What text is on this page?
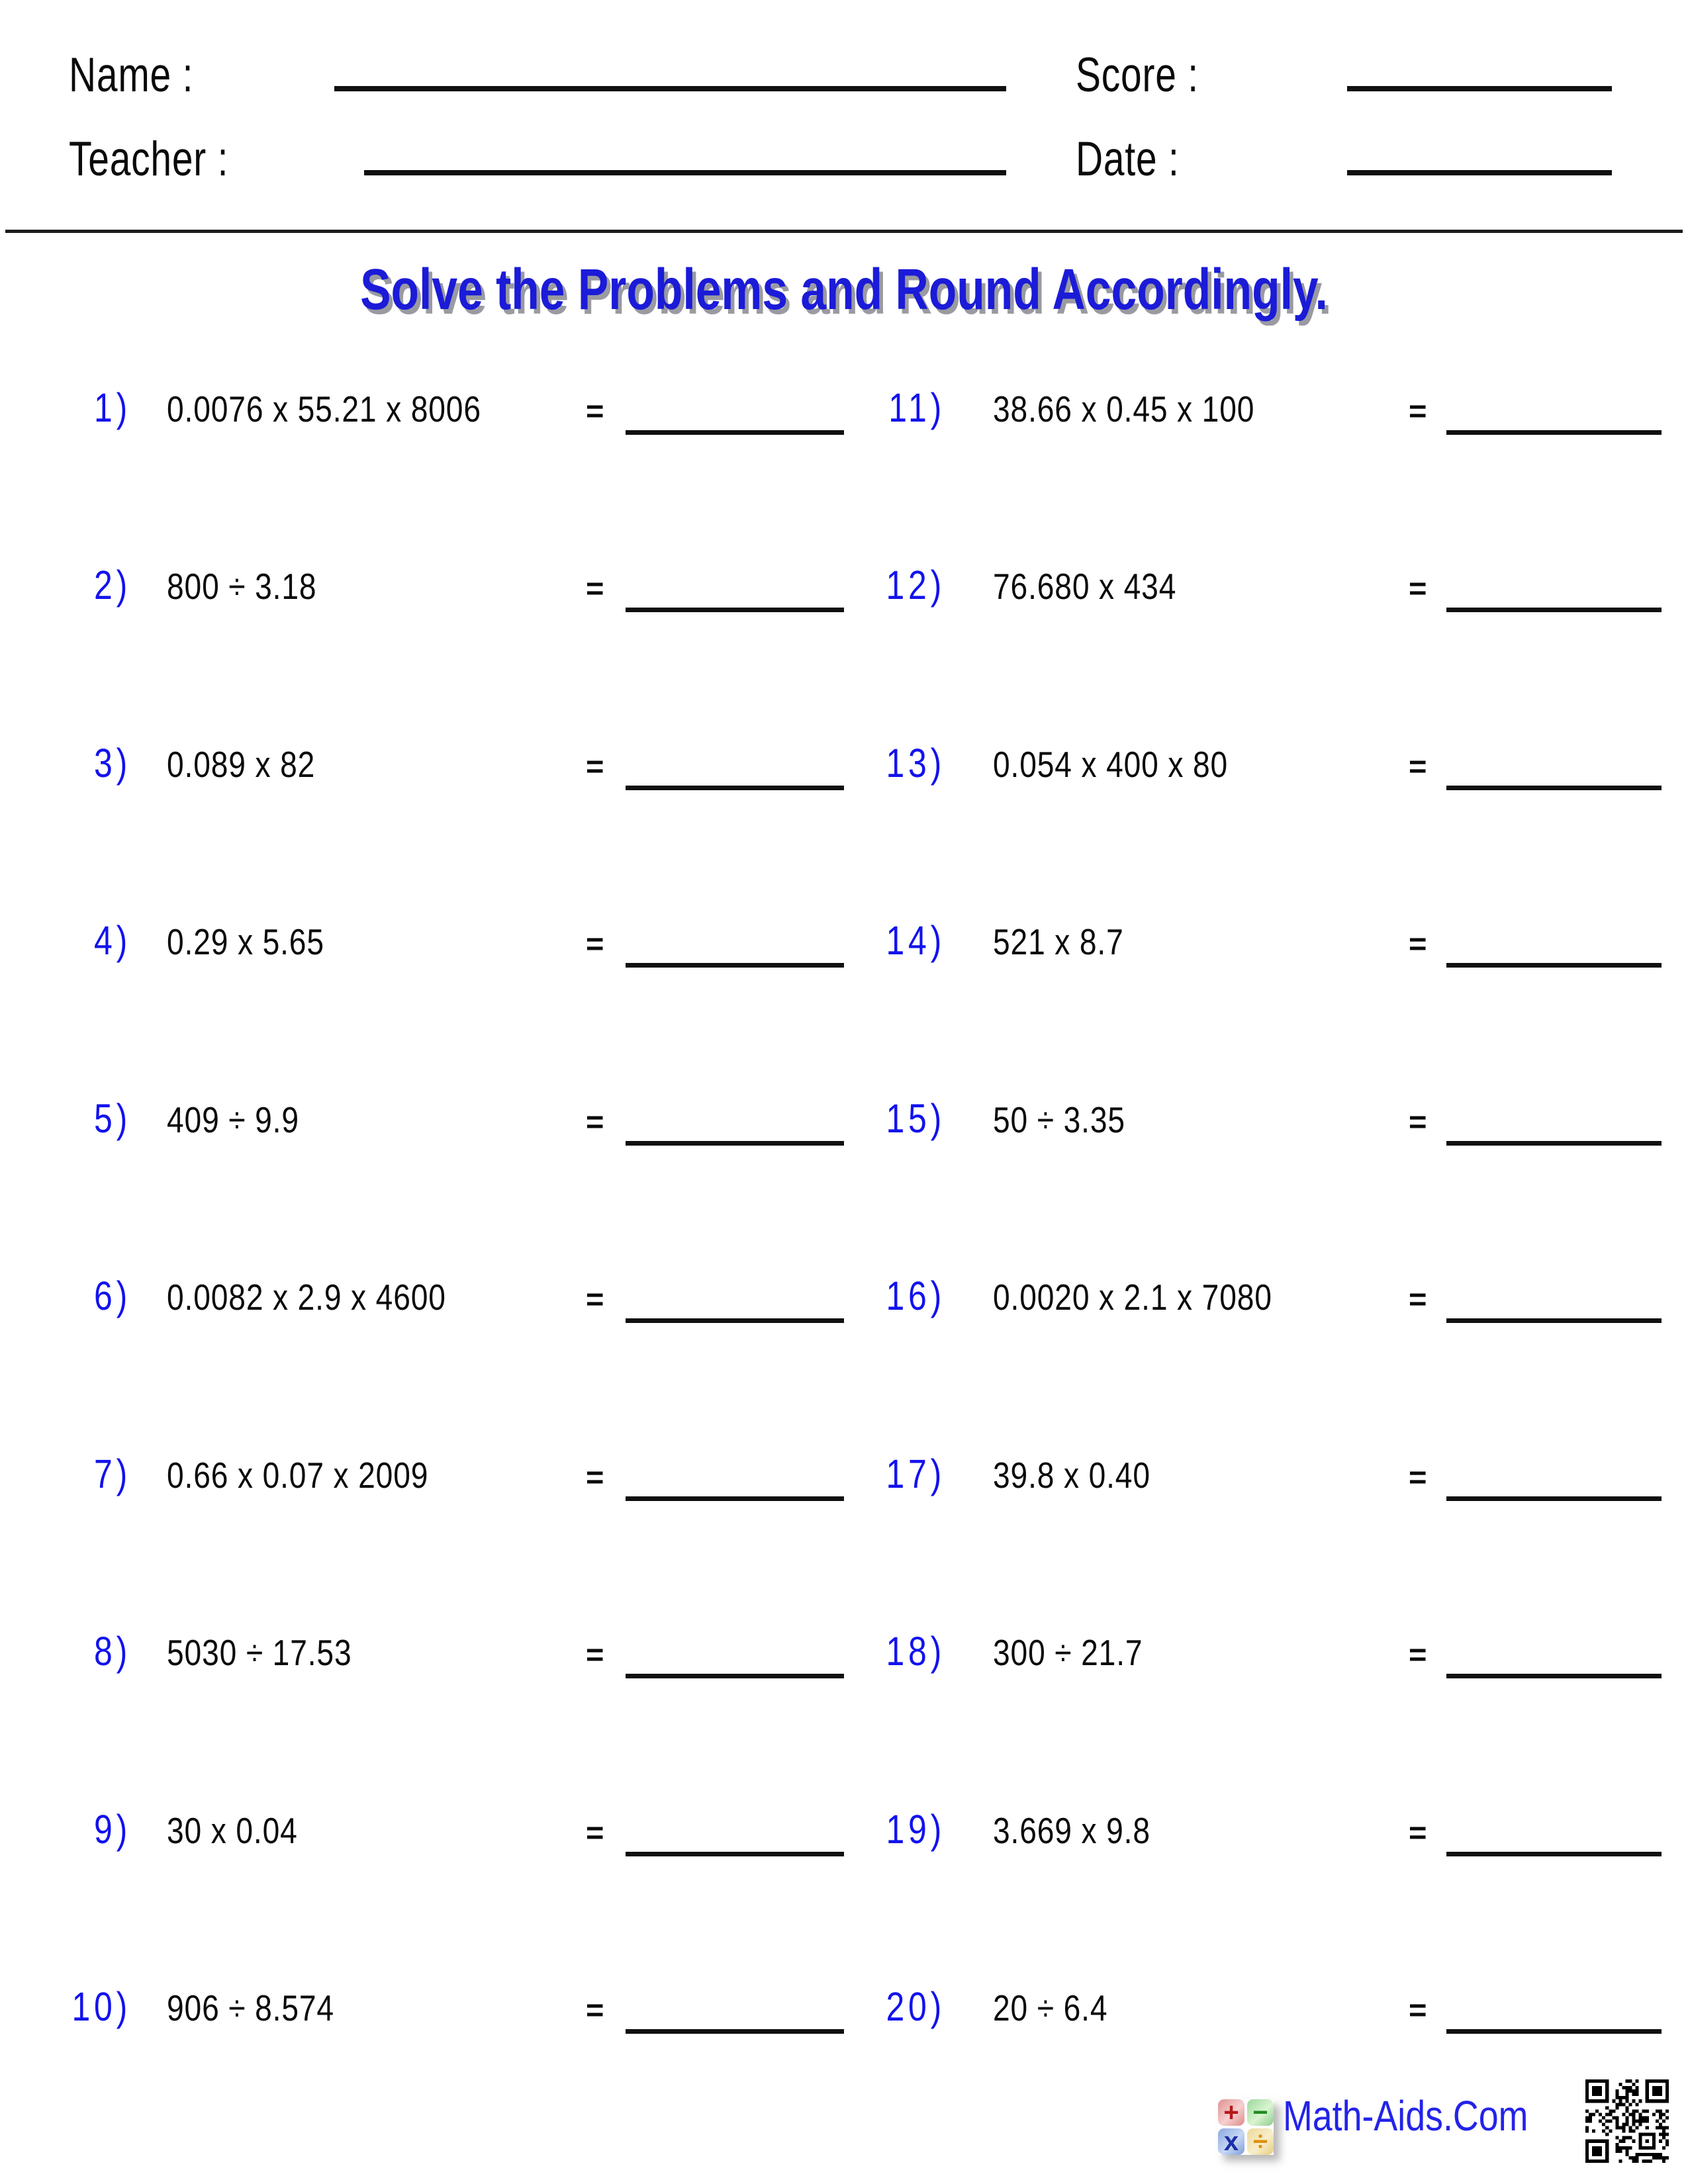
Name :	Score :
Teacher :	Date :
Solve the Problems and Round Accordingly.
1) 0.0076 x 55.21 x 8006	=
2) 800 ÷ 3.18	=
3) 0.089 x 82	=
4) 0.29 x 5.65	=
5) 409 ÷ 9.9	=
6) 0.0082 x 2.9 x 4600	=
7) 0.66 x 0.07 x 2009	=
8) 5030 ÷ 17.53	=
9) 30 x 0.04	=
10) 906 ÷ 8.574	=
11) 38.66 x 0.45 x 100	=
12) 76.680 x 434	=
13) 0.054 x 400 x 80	=
14) 521 x 8.7	=
15) 50 ÷ 3.35	=
16) 0.0020 x 2.1 x 7080	=
17) 39.8 x 0.40	=
18) 300 ÷ 21.7	=
19) 3.669 x 9.8	=
20) 20 ÷ 6.4	=
+ −
x ÷
Math-Aids.Com
